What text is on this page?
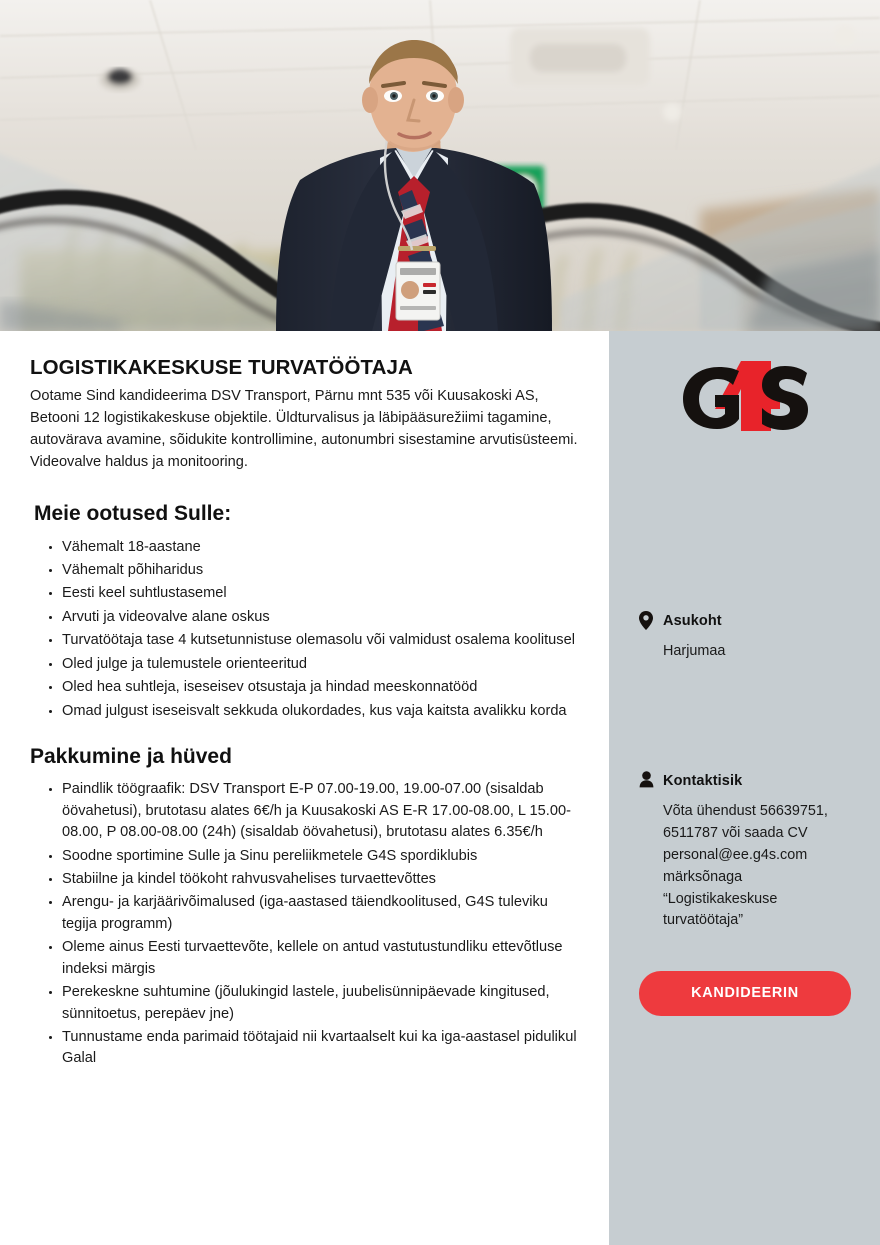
LOGISTIKAKESKUSE TURVATÖÖTAJA

Ootame Sind kandideerima DSV Transport, Pärnu mnt 535 või Kuusakoski AS, Betooni 12 logistikakeskuse objektile. Üldturvalisus ja läbipääsurežiimi tagamine, autovärava avamine, sõidukite kontrollimine, autonumbri sisestamine arvutisüsteemi. Videovalve haldus ja monitooring.

Meie ootused Sulle:
Vähemalt 18-aastane
Vähemalt põhiharidus
Eesti keel suhtlustasemel
Arvuti ja videovalve alane oskus
Turvatöötaja tase 4 kutsetunnistuse olemasolu või valmidust osalema koolitusel
Oled julge ja tulemustele orienteeritud
Oled hea suhtleja, iseseisev otsustaja ja hindad meeskonnatööd
Omad julgust iseseisvalt sekkuda olukordades, kus vaja kaitsta avalikku korda
Pakkumine ja hüved
Paindlik töögraafik: DSV Transport E-P 07.00-19.00, 19.00-07.00 (sisaldab öövahetusi), brutotasu alates 6€/h ja Kuusakoski AS E-R 17.00-08.00, L 15.00-08.00, P 08.00-08.00 (24h) (sisaldab öövahetusi), brutotasu alates 6.35€/h
Soodne sportimine Sulle ja Sinu pereliikmetele G4S spordiklubis
Stabiilne ja kindel töökoht rahvusvahelises turvaettevõttes
Arengu- ja karjäärivõimalused (iga-aastased täiendkoolitused, G4S tuleviku tegija programm)
Oleme ainus Eesti turvaettevõte, kellele on antud vastutustundliku ettevõtluse indeksi märgis
Perekeskne suhtumine (jõulukingid lastele, juubelisünnipäevade kingitused, sünnitoetus, perepäev jne)
Tunnustame enda parimaid töötajaid nii kvartaalselt kui ka iga-aastasel pidulikul Galal
Asukoht
Harjumaa
Kontaktisik
Võta ühendust 56639751, 6511787 või saada CV personal@ee.g4s.com märksõnaga “Logistikakeskuse turvatöötaja”
KANDIDEERIN
